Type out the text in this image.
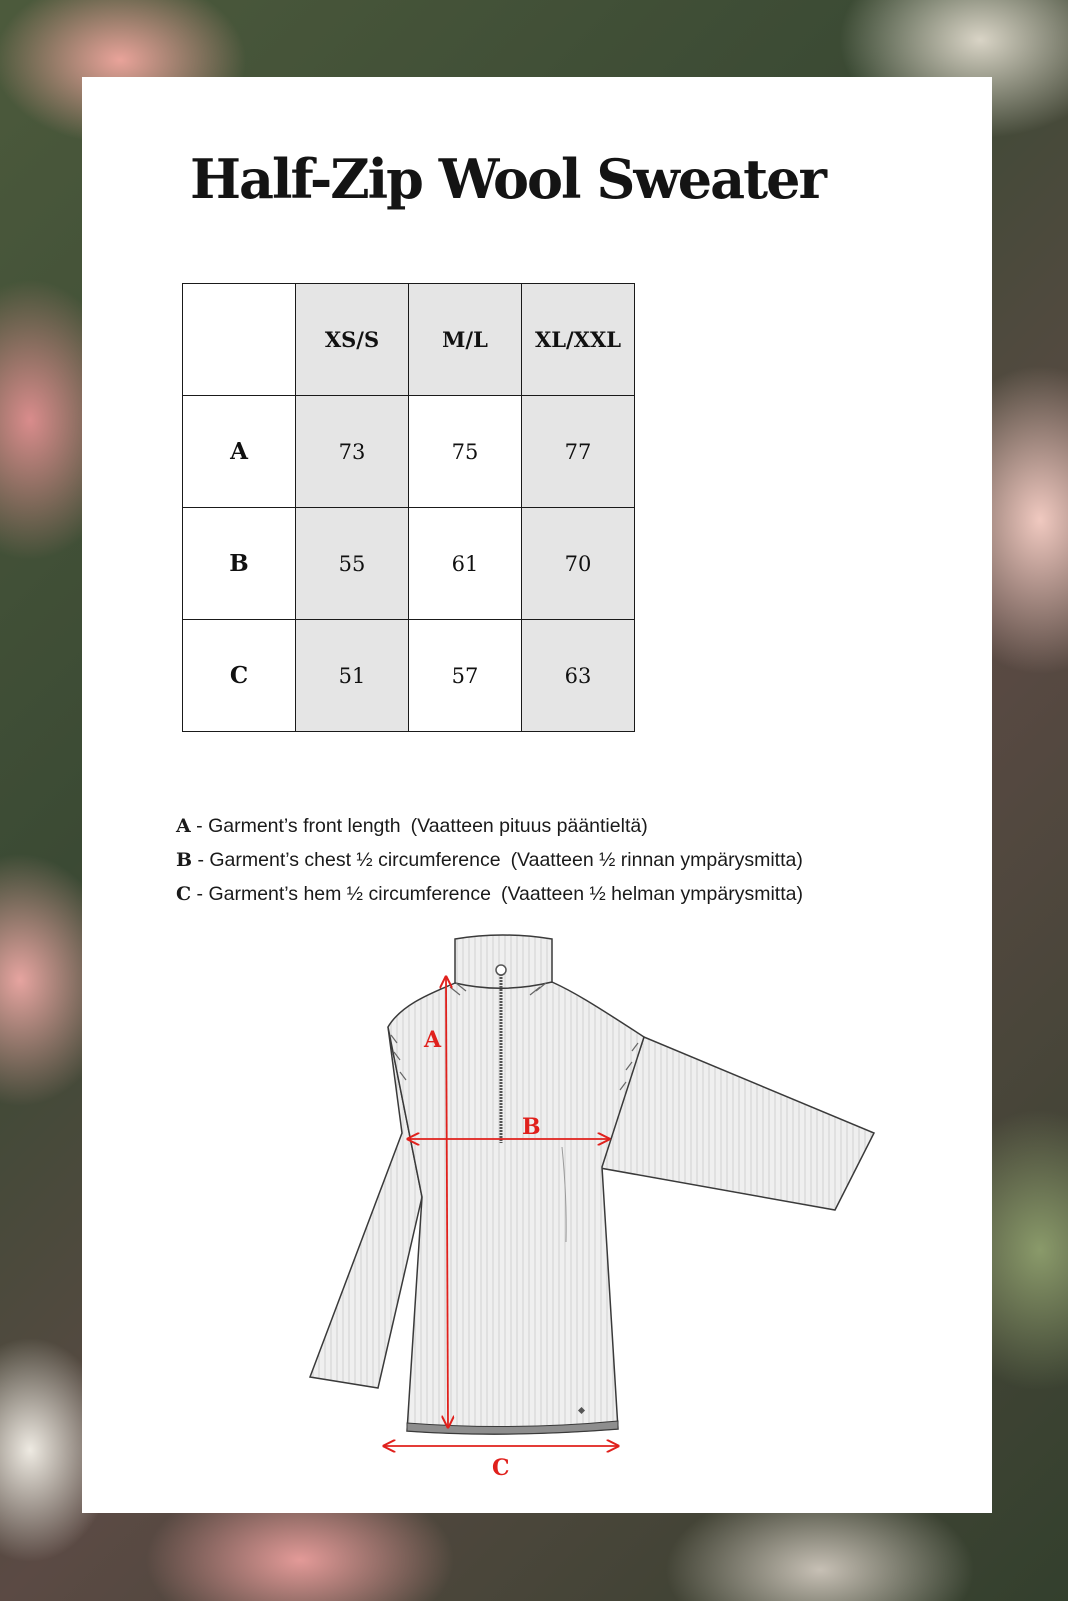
Half-Zip Wool Sweater
	XS/S	M/L	XL/XXL
A	73	75	77
B	55	61	70
C	51	57	63
A - Garment’s front length (Vaatteen pituus pääntieltä)
B - Garment’s chest ½ circumference (Vaatteen ½ rinnan ympärysmitta)
C - Garment’s hem ½ circumference (Vaatteen ½ helman ympärysmitta)
A
B
C
